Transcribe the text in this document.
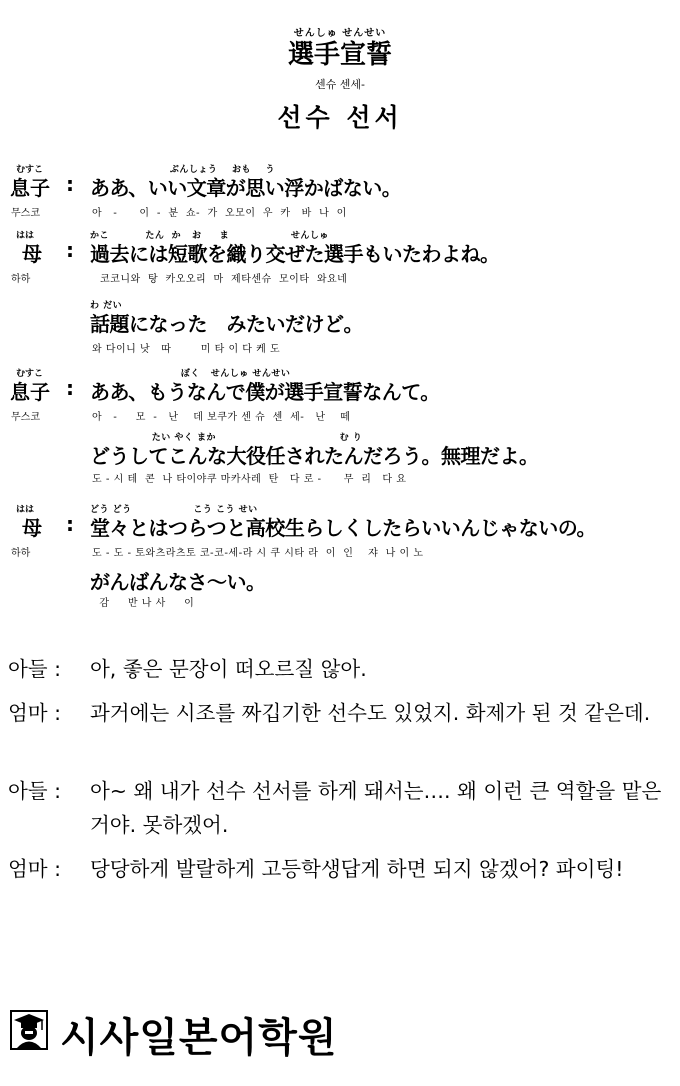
せんしゅ せんせい
選手宣誓
센슈 센세-
선수 선서
むすこ
息子
무스코
:
ぶんしょう    おも    う
ああ、いい文章が思い浮かばない。
아   -      이  -  분  쇼-  가  오모이  우  카   바  나  이
はは
母
하하
:
かこ          たん  か   お     ま                 せんしゅ
過去には短歌を織り交ぜた選手もいたわよね。
코코니와  탕  카오오리  마  제타센슈  모이타  와요네
わ だい
話題になった　みたいだけど。
와 다이니 낫   따        미 타 이 다 케 도
むすこ
息子
무스코
:
ぼく   せんしゅ せんせい
ああ、もうなんで僕が選手宣誓なんて。
아   -     모  -   난    데 보쿠가 센 슈  센  세-   난    떼
たい やく まか                                  む り
どうしてこんな大役任されたんだろう。無理だよ。
도 - 시 테  콘  나 타이야쿠 마카사레  탄   다 로 -      무  리   다 요
はは
母
하하
:
どう どう                 こう こう せい
堂々とはつらつと高校生らしくしたらいいんじゃないの。
도 - 도 - 토와츠라츠토 코-코-세-라 시 쿠 시타 라  이  인    쟈  나 이 노
がんばんなさ～い。
감     반 나 사     이
아들 : 아, 좋은 문장이 떠오르질 않아.
엄마 : 과거에는 시조를 짜깁기한 선수도 있었지. 화제가 된 것 같은데.
아들 : 아~ 왜 내가 선수 선서를 하게 돼서는…. 왜 이런 큰 역할을 맡은 거야. 못하겠어.
엄마 : 당당하게 발랄하게 고등학생답게 하면 되지 않겠어? 파이팅!
시사일본어학원
